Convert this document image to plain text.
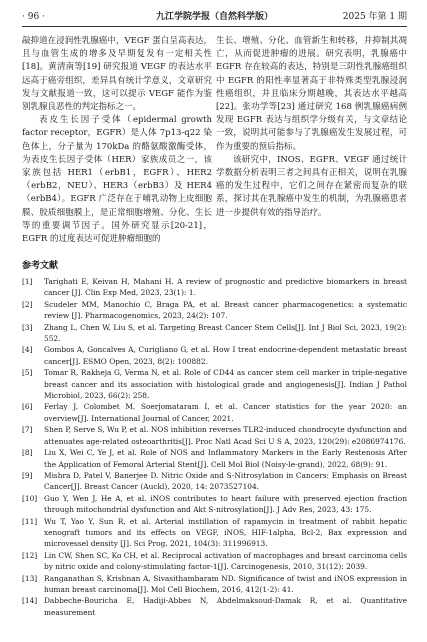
· 96 ·	九江学院学报（自然科学版）	2025 年第 1 期

敲抑道在浸润性乳腺癌中，VEGF 蛋白呈高表达，且与血管生成的增多及早期复发有一定相关性[18]。黄清南等[19] 研究报道 VEGF 的表达水平远高于癌旁组织，差异具有统计学意义，文章研究发与文献报道一致，这可以提示 VEGF 能作为鉴别乳腺良恶性的判定指标之一。

表皮生长因子受体（epidermal growth factor receptor，EGFR）是人体 7p13-q22 染色体上，分子量为 170kDa 的酪氨酸激酶受体，为表皮生长因子受体（HER）家族成员之一，该家族包括 HER1（erbB1，EGFR）、HER2（erbB2，NEU）、HER3（erbB3）及 HER4（erbB4）。EGFR 广泛存在于哺乳动物上皮细胞膜、胶质细胞膜上，是正常细胞增殖、分化、生长等的重要调节因子。国外研究显示[20-21]，EGFR 的过度表达可促进肿瘤细胞的

生长、增殖、分化、血管新生和转移，并抑制其凋亡，从而促进肿瘤的进展。研究表明，乳腺癌中 EGFR 存在较高的表达，特别是三阴性乳腺癌组织中 EGFR 的阳性率显著高于非特殊类型乳腺浸润性癌组织，并且临床分期越晚，其表达水平越高[22]。张功学等[23] 通过研究 168 例乳腺癌病例发现 EGFR 表达与组织学分级有关，与文章结论一致，说明其可能参与了乳腺癌发生发展过程，可作为重要的预后指标。

该研究中，INOS、EGFR、VEGF 通过统计学数据分析表明三者之间具有正相关，说明在乳腺癌的发生过程中，它们之间存在紧密而复杂的联系，探讨其在乳腺癌中发生的机制，为乳腺癌患者进一步提供有效的指导治疗。

参考文献
[1]	Tarighati E, Keivan H, Mahani H. A review of prognostic and predictive biomarkers in breast cancer [J]. Clin Exp Med, 2023, 23(1): 1.
[2]	Scudeler MM, Manochio C, Braga PA, et al. Breast cancer pharmacogenetics: a systematic review [J]. Pharmacogenomics, 2023, 24(2): 107.
[3]	Zhang L, Chen W, Liu S, et al. Targeting Breast Cancer Stem Cells[J]. Int J Biol Sci, 2023, 19(2): 552.
[4]	Gombos A, Goncalves A, Curigliano G, et al. How I treat endocrine-dependent metastatic breast cancer[J]. ESMO Open, 2023, 8(2): 100882.
[5]	Tomar R, Rakheja G, Verma N, et al. Role of CD44 as cancer stem cell marker in triple-negative breast cancer and its association with histological grade and angiogenesis[J]. Indian J Pathol Microbiol, 2023, 66(2): 258.
[6]	Ferlay J, Colombet M, Soerjomataram I, et al. Cancer statistics for the year 2020: an overview[J]. International Journal of Cancer, 2021.
[7]	Shen P, Serve S, Wu P, et al. NOS inhibition reverses TLR2-induced chondrocyte dysfunction and attenuates age-related osteoarthritis[J]. Proc Natl Acad Sci U S A, 2023, 120(29): e2086974176.
[8]	Liu X, Wei C, Ye J, et al. Role of NOS and Inflammatory Markers in the Early Restenosis After the Application of Femoral Arterial Stent[J]. Cell Mol Biol (Noisy-le-grand), 2022, 68(9): 91.
[9]	Mishra D, Patel V, Banerjee D. Nitric Oxide and S-Nitrosylation in Cancers: Emphasis on Breast Cancer[J]. Breast Cancer (Auckl), 2020, 14: 2073527104.
[10] Guo Y, Wen J, He A, et al. iNOS contributes to heart failure with preserved ejection fraction through mitochondrial dysfunction and Akt S-nitrosylation[J]. J Adv Res, 2023, 43: 175.
[11] Wu T, Yao Y, Sun R, et al. Arterial instillation of rapamycin in treatment of rabbit hepatic xenograft tumors and its effects on VEGF, iNOS, HIF-1alpha, Bcl-2, Bax expression and microvessel density [J]. Sci Prog, 2021, 104(3): 311996913.
[12] Lin CW, Shen SC, Ko CH, et al. Reciprocal activation of macrophages and breast carcinoma cells by nitric oxide and colony-stimulating factor-1[J]. Carcinogenesis, 2010, 31(12): 2039.
[13] Ranganathan S, Krishnan A, Sivasithambaram ND. Significance of twist and iNOS expression in human breast carcinoma[J]. Mol Cell Biochem, 2016, 412(1-2): 41.
[14] Dabbeche-Bouricha E, Hadiji-Abbes N, Abdelmaksoud-Damak R, et al. Quantitative measurement
